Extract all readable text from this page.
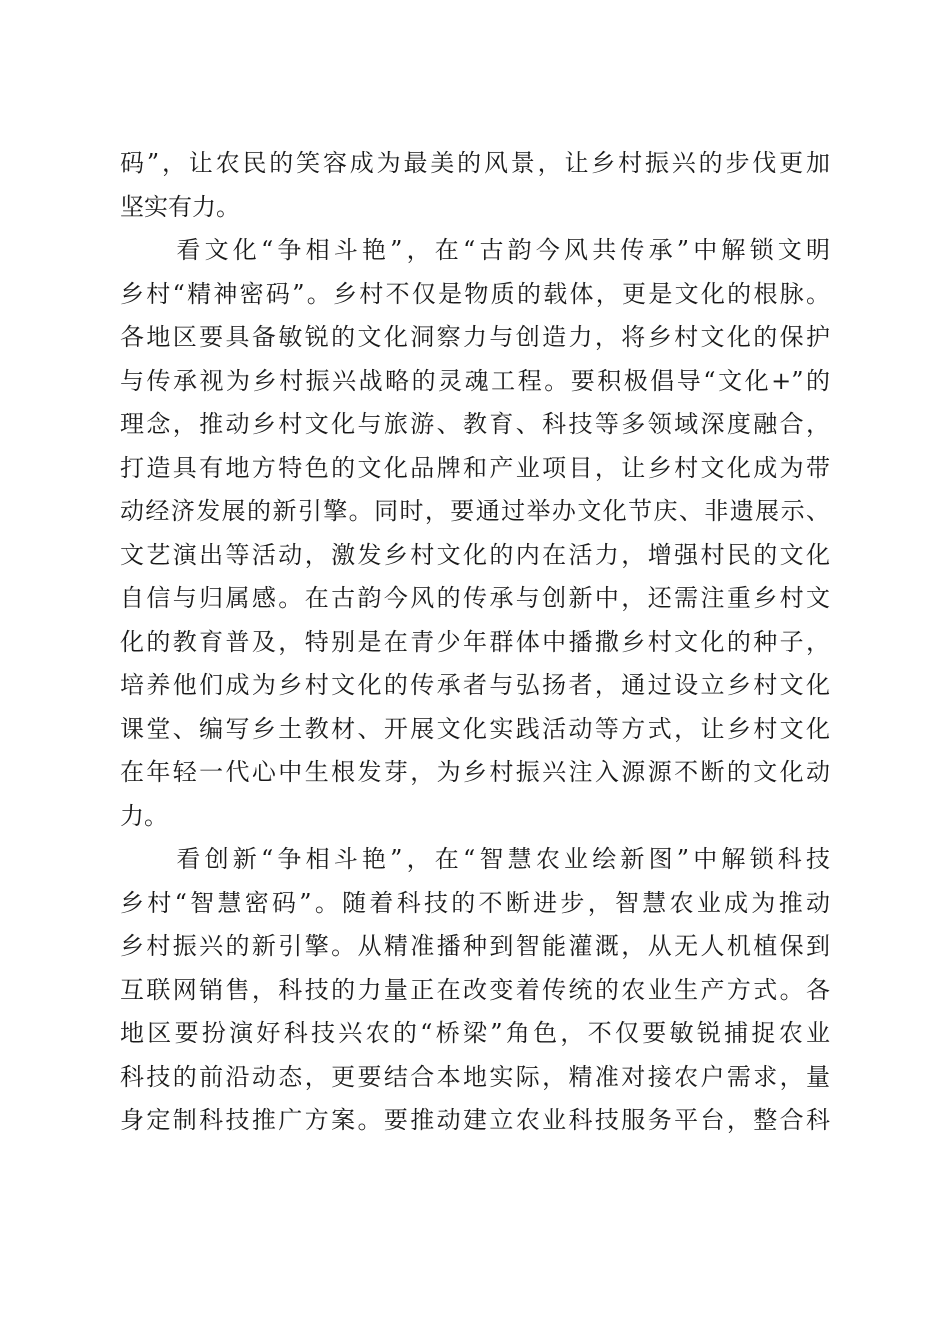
码”，让农民的笑容成为最美的风景，让乡村振兴的步伐更加
坚实有力。
　　看文化“争相斗艳”，在“古韵今风共传承”中解锁文明
乡村“精神密码”。乡村不仅是物质的载体，更是文化的根脉。
各地区要具备敏锐的文化洞察力与创造力，将乡村文化的保护
与传承视为乡村振兴战略的灵魂工程。要积极倡导“文化+”的
理念，推动乡村文化与旅游、教育、科技等多领域深度融合，
打造具有地方特色的文化品牌和产业项目，让乡村文化成为带
动经济发展的新引擎。同时，要通过举办文化节庆、非遗展示、
文艺演出等活动，激发乡村文化的内在活力，增强村民的文化
自信与归属感。在古韵今风的传承与创新中，还需注重乡村文
化的教育普及，特别是在青少年群体中播撒乡村文化的种子，
培养他们成为乡村文化的传承者与弘扬者，通过设立乡村文化
课堂、编写乡土教材、开展文化实践活动等方式，让乡村文化
在年轻一代心中生根发芽，为乡村振兴注入源源不断的文化动
力。
　　看创新“争相斗艳”，在“智慧农业绘新图”中解锁科技
乡村“智慧密码”。随着科技的不断进步，智慧农业成为推动
乡村振兴的新引擎。从精准播种到智能灌溉，从无人机植保到
互联网销售，科技的力量正在改变着传统的农业生产方式。各
地区要扮演好科技兴农的“桥梁”角色，不仅要敏锐捕捉农业
科技的前沿动态，更要结合本地实际，精准对接农户需求，量
身定制科技推广方案。要推动建立农业科技服务平台，整合科
